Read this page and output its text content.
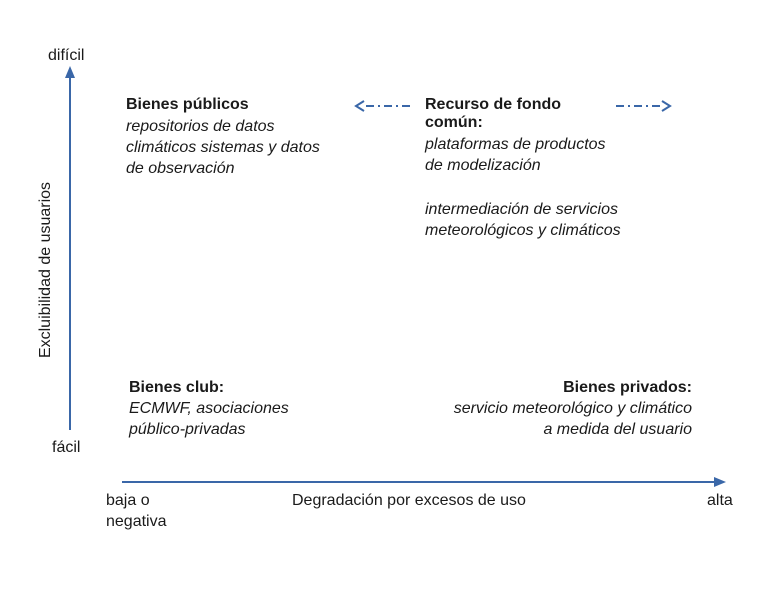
difícil
fácil
Excluibilidad de usuarios
baja o
negativa
Degradación por excesos de uso	alta
Bienes públicos
repositorios de datos
climáticos sistemas y datos
de observación
Recurso de fondo
común:
plataformas de productos
de modelización
intermediación de servicios
meteorológicos y climáticos
Bienes club:
ECMWF, asociaciones
público-privadas
Bienes privados:
servicio meteorológico y climático
a medida del usuario
